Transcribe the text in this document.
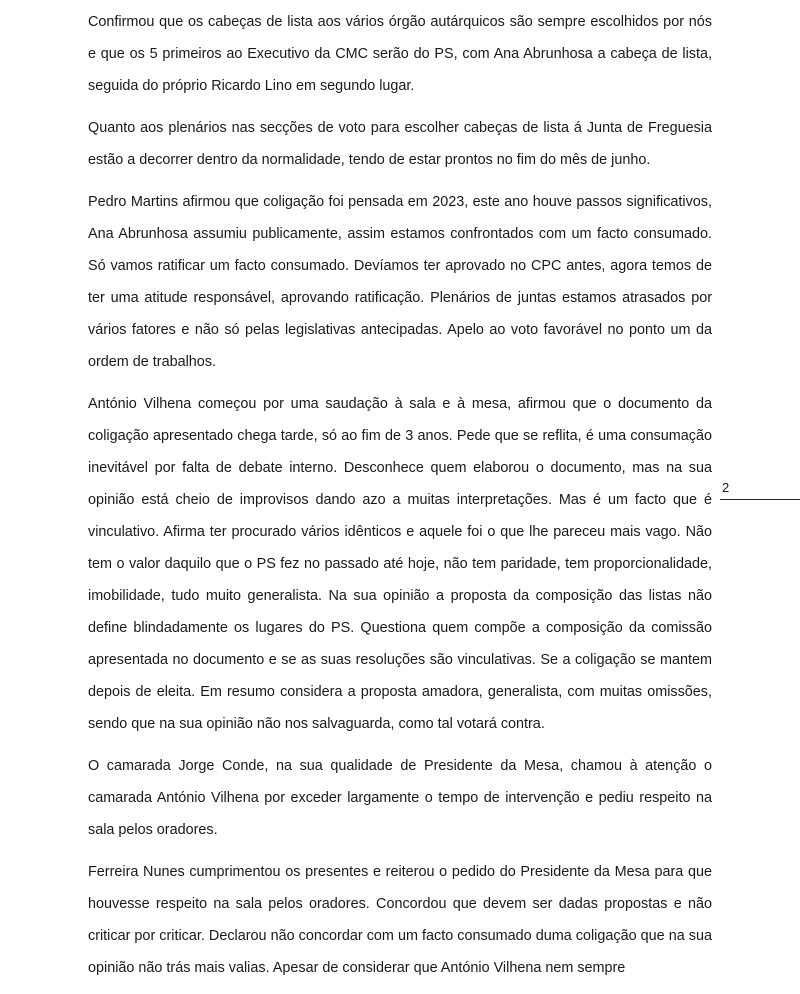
Confirmou que os cabeças de lista aos vários órgão autárquicos são sempre escolhidos por nós e que os 5 primeiros ao Executivo da CMC serão do PS, com Ana Abrunhosa a cabeça de lista, seguida do próprio Ricardo Lino em segundo lugar.

Quanto aos plenários nas secções de voto para escolher cabeças de lista á Junta de Freguesia estão a decorrer dentro da normalidade, tendo de estar prontos no fim do mês de junho.

Pedro Martins afirmou que coligação foi pensada em 2023, este ano houve passos significativos, Ana Abrunhosa assumiu publicamente, assim estamos confrontados com um facto consumado. Só vamos ratificar um facto consumado. Devíamos ter aprovado no CPC antes, agora temos de ter uma atitude responsável, aprovando ratificação. Plenários de juntas estamos atrasados por vários fatores e não só pelas legislativas antecipadas. Apelo ao voto favorável no ponto um da ordem de trabalhos.

António Vilhena começou por uma saudação à sala e à mesa, afirmou que o documento da coligação apresentado chega tarde, só ao fim de 3 anos. Pede que se reflita, é uma consumação inevitável por falta de debate interno. Desconhece quem elaborou o documento, mas na sua opinião está cheio de improvisos dando azo a muitas interpretações. Mas é um facto que é vinculativo. Afirma ter procurado vários idênticos e aquele foi o que lhe pareceu mais vago. Não tem o valor daquilo que o PS fez no passado até hoje, não tem paridade, tem proporcionalidade, imobilidade, tudo muito generalista. Na sua opinião a proposta da composição das listas não define blindadamente os lugares do PS. Questiona quem compõe a composição da comissão apresentada no documento e se as suas resoluções são vinculativas. Se a coligação se mantem depois de eleita. Em resumo considera a proposta amadora, generalista, com muitas omissões, sendo que na sua opinião não nos salvaguarda, como tal votará contra.

O camarada Jorge Conde, na sua qualidade de Presidente da Mesa, chamou à atenção o camarada António Vilhena por exceder largamente o tempo de intervenção e pediu respeito na sala pelos oradores.

Ferreira Nunes cumprimentou os presentes e reiterou o pedido do Presidente da Mesa para que houvesse respeito na sala pelos oradores. Concordou que devem ser dadas propostas e não criticar por criticar. Declarou não concordar com um facto consumado duma coligação que na sua opinião não trás mais valias. Apesar de considerar que António Vilhena nem sempre

2
